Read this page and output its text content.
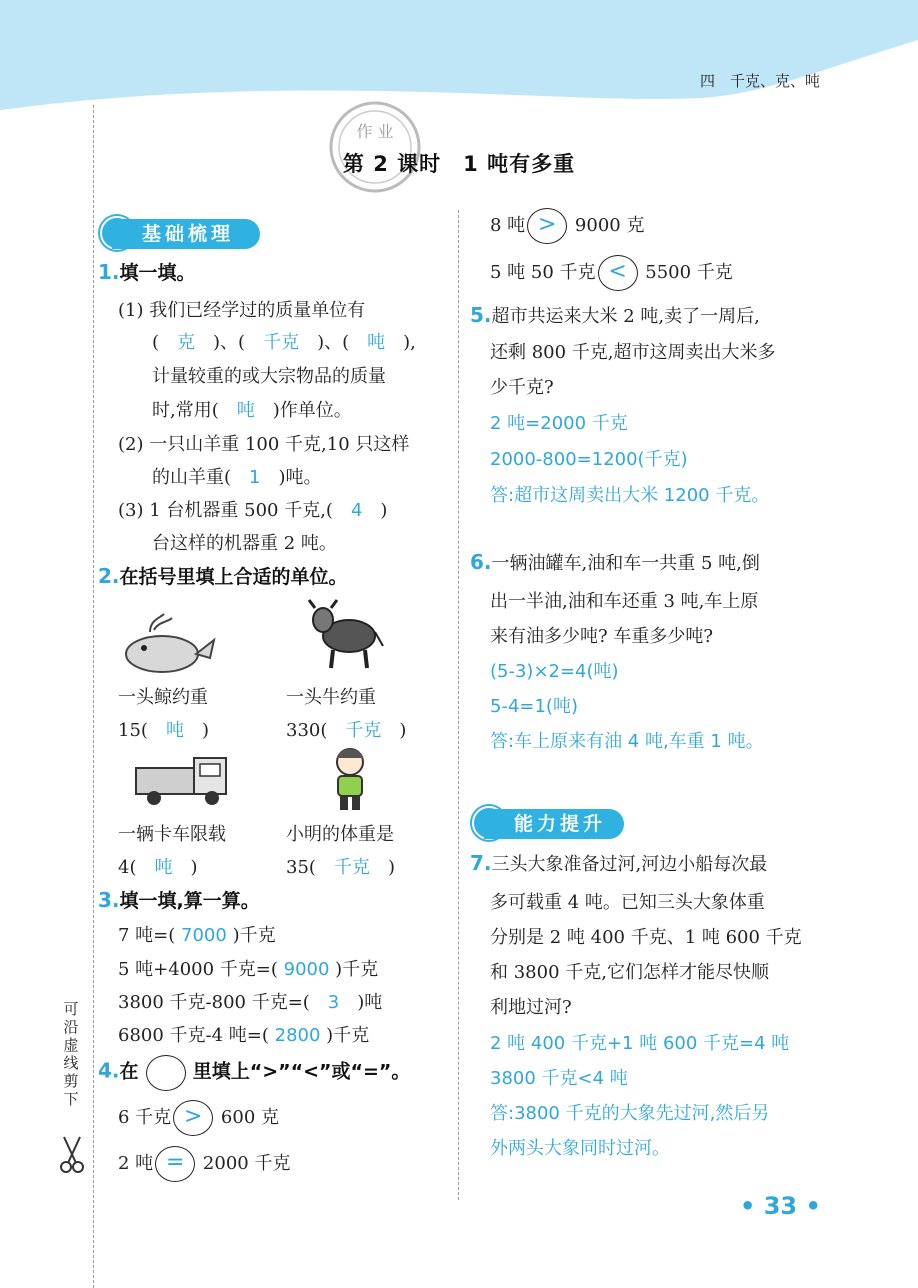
四　千克、克、吨
作 业
第 2 课时　1 吨有多重
可沿虚线剪下
基础梳理
1.填一填。
(1) 我们已经学过的质量单位有
(　克　)、(　千克　)、(　吨　),
计量较重的或大宗物品的质量
时,常用(　 吨　 )作单位。
(2) 一只山羊重 100 千克,10 只这样
的山羊重(　 1　 )吨。
(3) 1 台机器重 500 千克,(　 4　 )
台这样的机器重 2 吨。
2.在括号里填上合适的单位。
一头鲸约重	一头牛约重
15(　 吨　 )	330(　 千克　 )
一辆卡车限载	小明的体重是
4(　 吨　 )	35(　 千克　 )
3.填一填,算一算。
7 吨=( 7000 )千克
5 吨+4000 千克=( 9000 )千克
3800 千克-800 千克=(　 3　 )吨
6800 千克-4 吨=( 2800 )千克
4.在	里填上“>”“<”或“=”。
6 千克 > 600 克
2 吨 = 2000 千克
8 吨 > 9000 克
5 吨 50 千克 < 5500 千克
5.超市共运来大米 2 吨,卖了一周后,
还剩 800 千克,超市这周卖出大米多
少千克?
2 吨=2000 千克
2000-800=1200(千克)
答:超市这周卖出大米 1200 千克。
6.一辆油罐车,油和车一共重 5 吨,倒
出一半油,油和车还重 3 吨,车上原
来有油多少吨? 车重多少吨?
(5-3)×2=4(吨)
5-4=1(吨)
答:车上原来有油 4 吨,车重 1 吨。
能力提升
7.三头大象准备过河,河边小船每次最
多可载重 4 吨。已知三头大象体重
分别是 2 吨 400 千克、1 吨 600 千克
和 3800 千克,它们怎样才能尽快顺
利地过河?
2 吨 400 千克+1 吨 600 千克=4 吨
3800 千克<4 吨
答:3800 千克的大象先过河,然后另
外两头大象同时过河。
• 33 •
